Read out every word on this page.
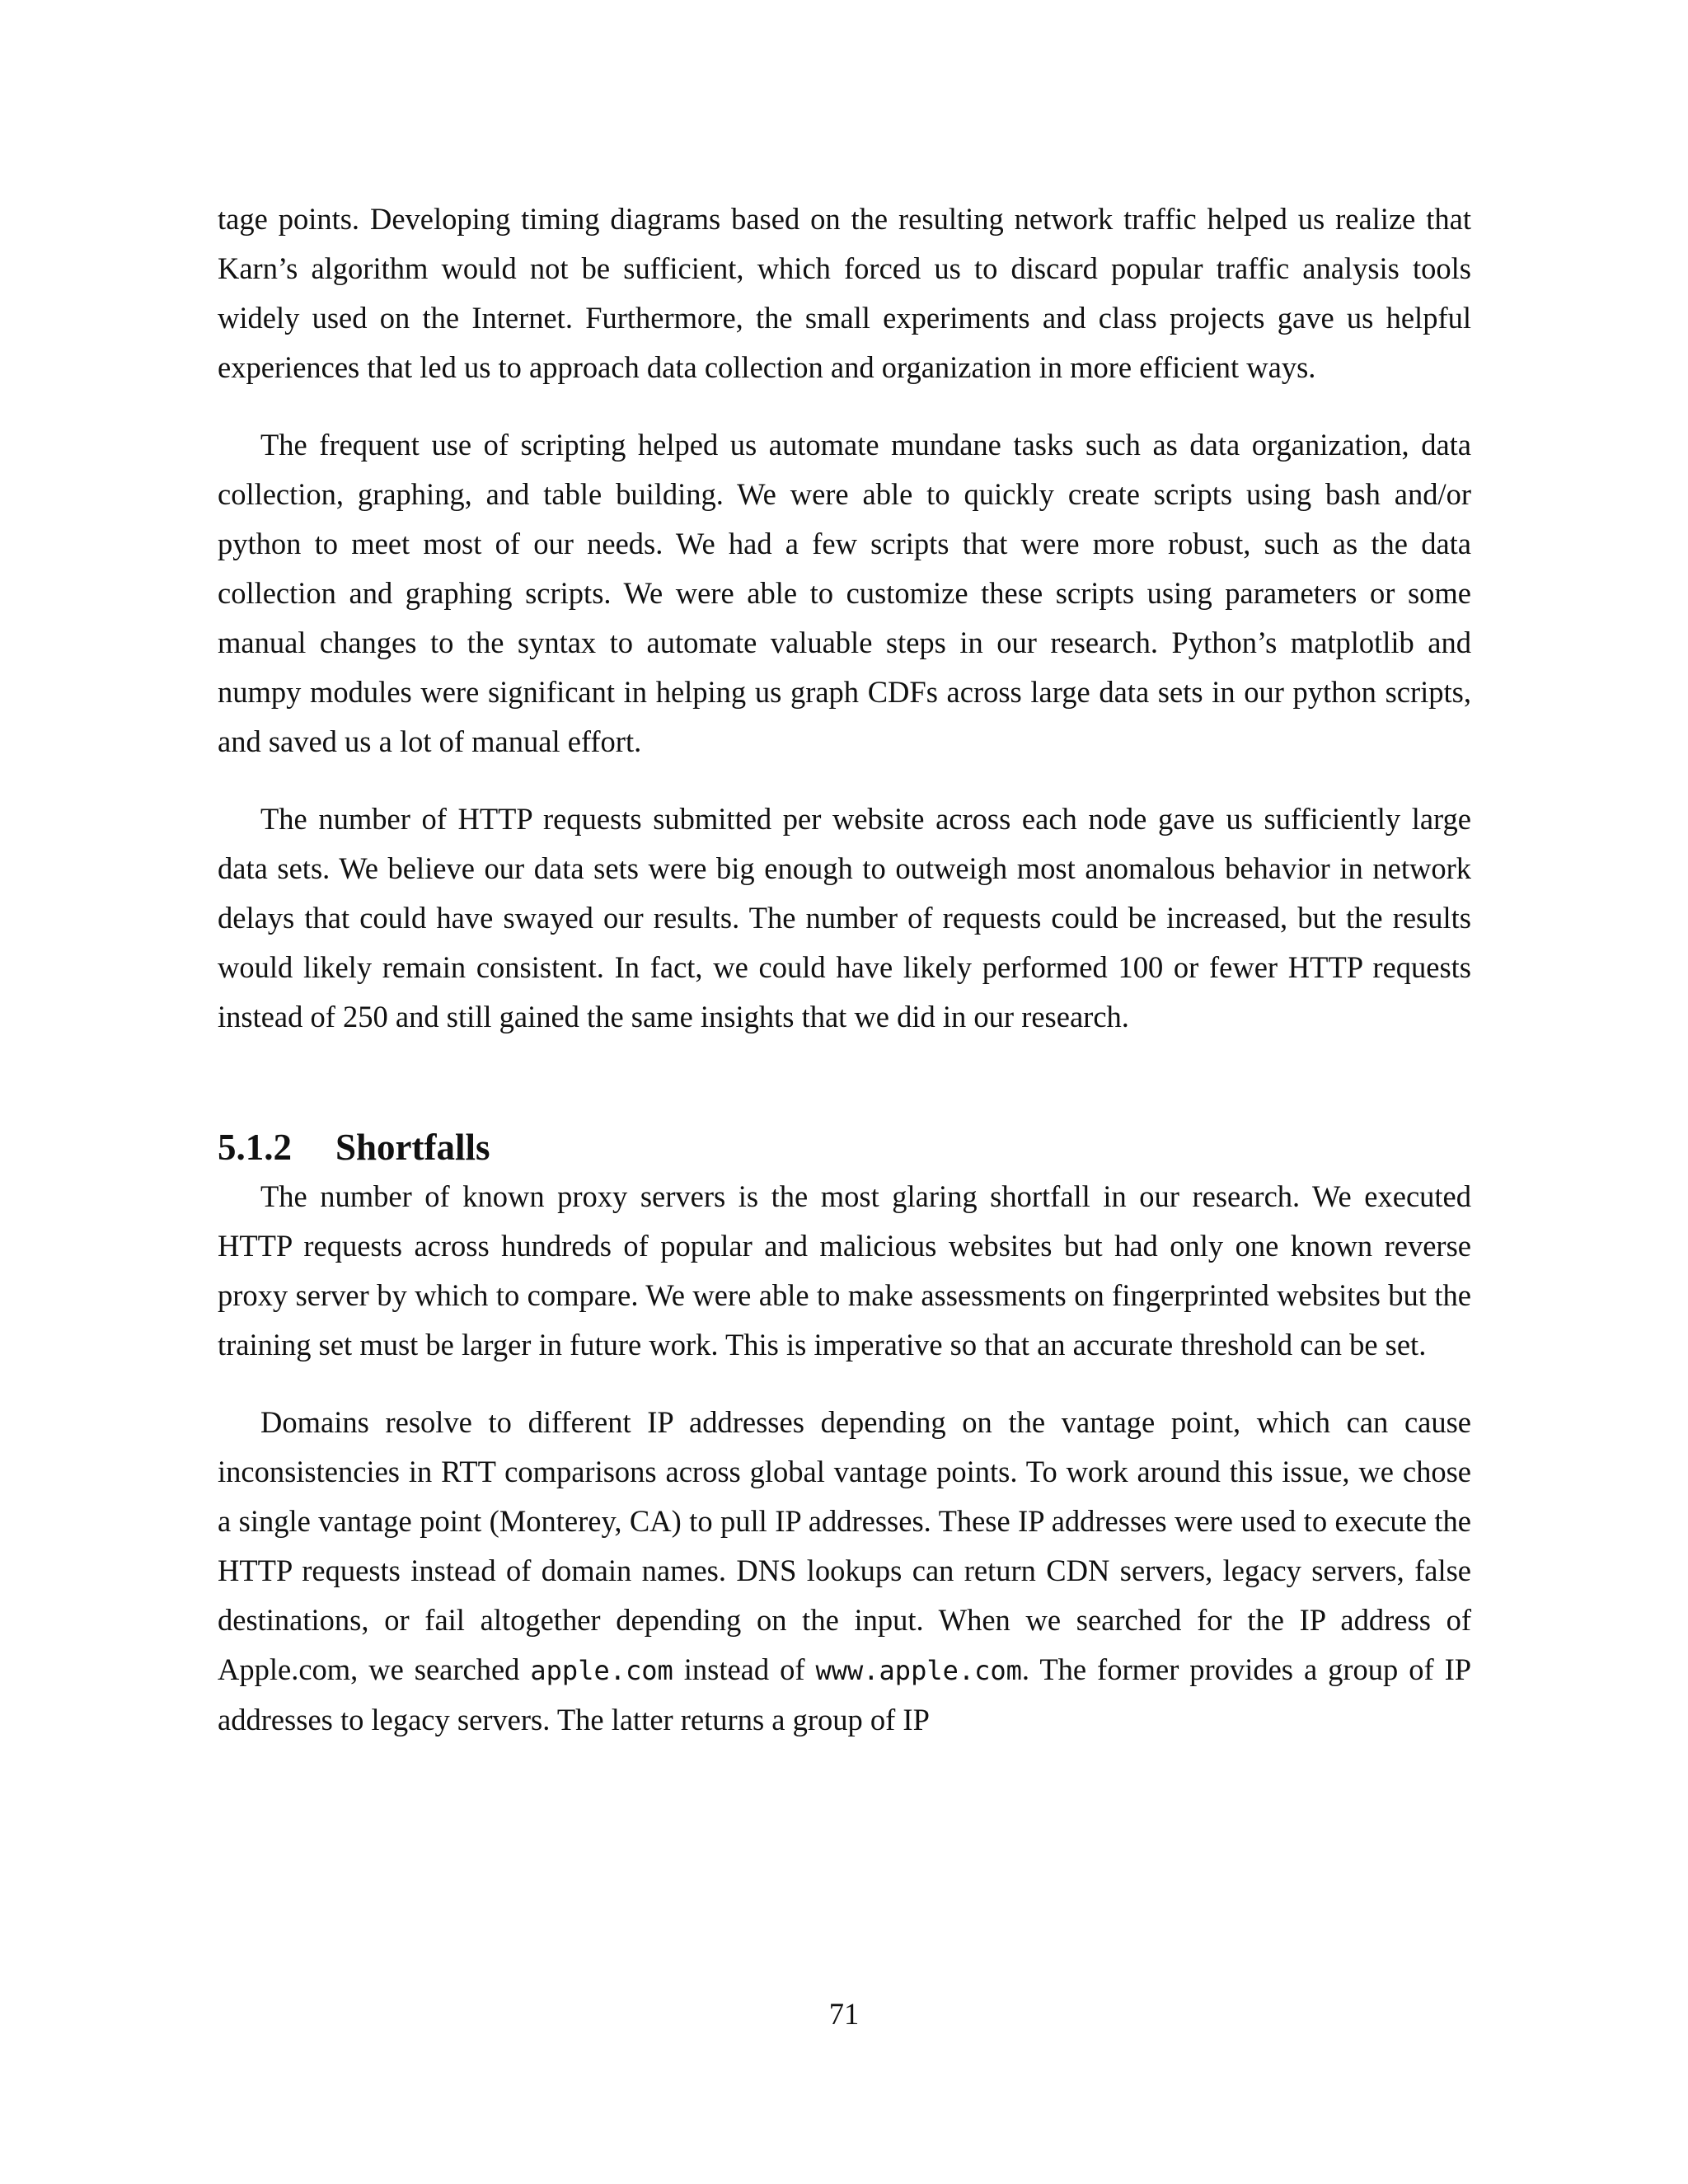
tage points. Developing timing diagrams based on the resulting network traffic helped us realize that Karn’s algorithm would not be sufficient, which forced us to discard popular traffic analysis tools widely used on the Internet. Furthermore, the small experiments and class projects gave us helpful experiences that led us to approach data collection and organization in more efficient ways.

The frequent use of scripting helped us automate mundane tasks such as data organization, data collection, graphing, and table building. We were able to quickly create scripts using bash and/or python to meet most of our needs. We had a few scripts that were more robust, such as the data collection and graphing scripts. We were able to customize these scripts using parameters or some manual changes to the syntax to automate valuable steps in our research. Python’s matplotlib and numpy modules were significant in helping us graph CDFs across large data sets in our python scripts, and saved us a lot of manual effort.

The number of HTTP requests submitted per website across each node gave us sufficiently large data sets. We believe our data sets were big enough to outweigh most anomalous behavior in network delays that could have swayed our results. The number of requests could be increased, but the results would likely remain consistent. In fact, we could have likely performed 100 or fewer HTTP requests instead of 250 and still gained the same insights that we did in our research.

5.1.2 Shortfalls

The number of known proxy servers is the most glaring shortfall in our research. We executed HTTP requests across hundreds of popular and malicious websites but had only one known reverse proxy server by which to compare. We were able to make assessments on fingerprinted websites but the training set must be larger in future work. This is imperative so that an accurate threshold can be set.

Domains resolve to different IP addresses depending on the vantage point, which can cause inconsistencies in RTT comparisons across global vantage points. To work around this issue, we chose a single vantage point (Monterey, CA) to pull IP addresses. These IP addresses were used to execute the HTTP requests instead of domain names. DNS lookups can return CDN servers, legacy servers, false destinations, or fail altogether depending on the input. When we searched for the IP address of Apple.com, we searched apple.com instead of www.apple.com. The former provides a group of IP addresses to legacy servers. The latter returns a group of IP

71
